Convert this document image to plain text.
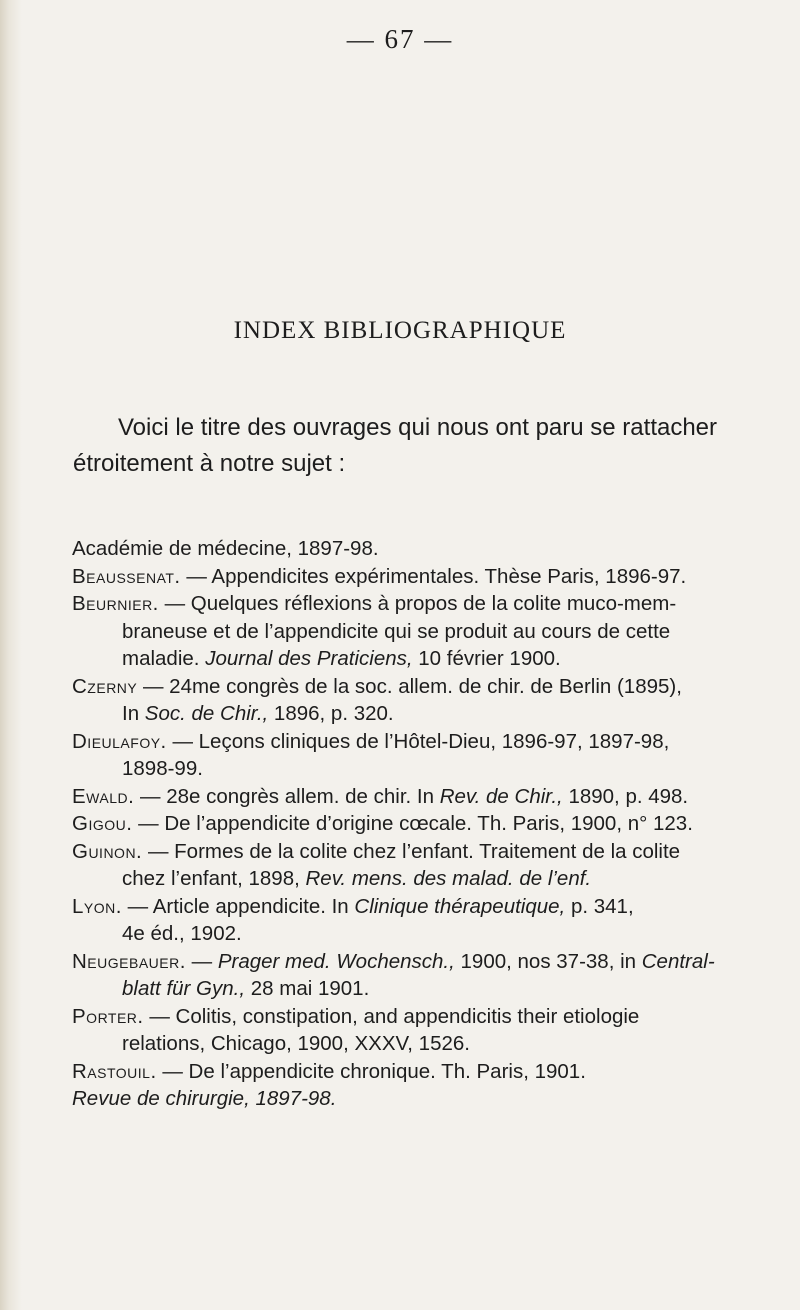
— 67 —
INDEX BIBLIOGRAPHIQUE
Voici le titre des ouvrages qui nous ont paru se rattacher
étroitement à notre sujet :
Académie de médecine, 1897-98.
Beaussenat. — Appendicites expérimentales. Thèse Paris, 1896-97.
Beurnier. — Quelques réflexions à propos de la colite muco-mem-
braneuse et de l’appendicite qui se produit au cours de cette
maladie. Journal des Praticiens, 10 février 1900.
Czerny — 24me congrès de la soc. allem. de chir. de Berlin (1895),
In Soc. de Chir., 1896, p. 320.
Dieulafoy. — Leçons cliniques de l’Hôtel-Dieu, 1896-97, 1897-98,
1898-99.
Ewald. — 28e congrès allem. de chir. In Rev. de Chir., 1890, p. 498.
Gigou. — De l’appendicite d’origine cœcale. Th. Paris, 1900, n° 123.
Guinon. — Formes de la colite chez l’enfant. Traitement de la colite
chez l’enfant, 1898, Rev. mens. des malad. de l’enf.
Lyon. — Article appendicite. In Clinique thérapeutique, p. 341,
4e éd., 1902.
Neugebauer. — Prager med. Wochensch., 1900, nos 37-38, in Central-
blatt für Gyn., 28 mai 1901.
Porter. — Colitis, constipation, and appendicitis their etiologie
relations, Chicago, 1900, XXXV, 1526.
Rastouil. — De l’appendicite chronique. Th. Paris, 1901.
Revue de chirurgie, 1897-98.
